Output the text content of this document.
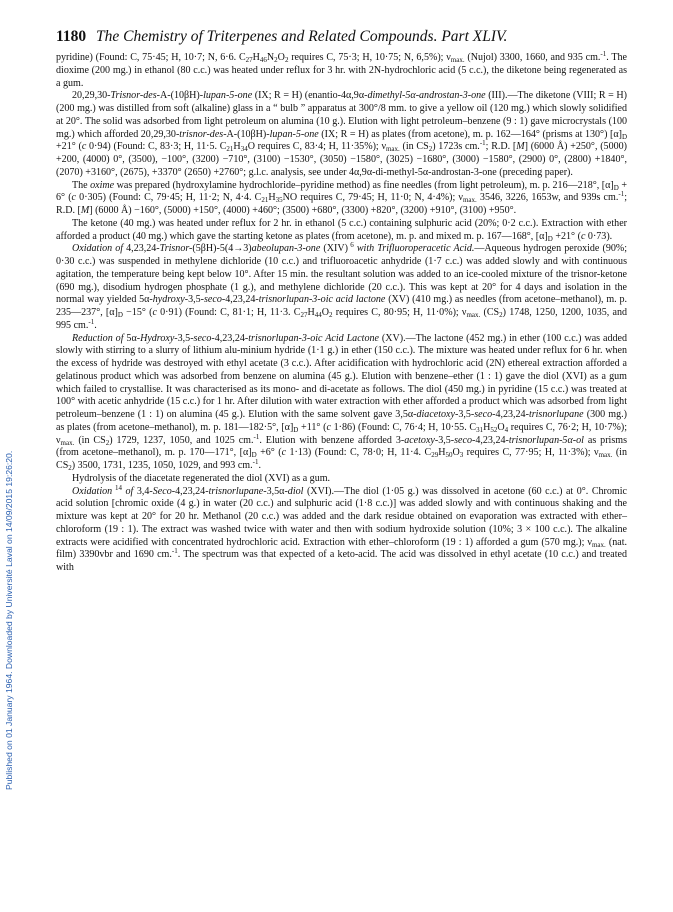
Published on 01 January 1964. Downloaded by Université Laval on 14/09/2015 19:26:20.
1180 The Chemistry of Triterpenes and Related Compounds. Part XLIV.

pyridine) (Found: C, 75·45; H, 10·7; N, 6·6. $C_{27}H_{46}N_2O_2$ requires C, 75·3; H, 10·75; N, 6,5%); $\nu_{max.}$ (Nujol) 3300, 1660, and 935 cm.$^{-1}$. The dioxime (200 mg.) in ethanol (80 c.c.) was heated under reflux for 3 hr. with 2N-hydrochloric acid (5 c.c.), the diketone being regenerated as a gum.

20,29,30-Trisnor-des-A-(10βH)-lupan-5-one (IX; R = H) (enantio-4α,9α-dimethyl-5α-androstan-3-one (III).—The diketone (VIII; R = H) (200 mg.) was distilled from soft (alkaline) glass in a “ bulb ” apparatus at 300°/8 mm. to give a yellow oil (120 mg.) which slowly solidified at 20°. The solid was adsorbed from light petroleum on alumina (10 g.). Elution with light petroleum–benzene (9 : 1) gave microcrystals (100 mg.) which afforded 20,29,30-trisnor-des-A-(10βH)-lupan-5-one (IX; R = H) as plates (from acetone), m. p. 162—164° (prisms at 130°) $[\alpha]_D +21^\circ$ (c 0·94) (Found: C, 83·3; H, 11·5. $C_{21}H_{34}O$ requires C, 83·4; H, 11·35%); $\nu_{max.}$ (in $CS_2$) 1723s cm.$^{-1}$; R.D. [M] (6000 Å) +250°, (5000) +200, (4000) 0°, (3500), −100°, (3200) −710°, (3100) −1530°, (3050) −1580°, (3025) −1680°, (3000) −1580°, (2900) 0°, (2800) +1840°, (2070) +3160°, (2675), +3370° (2650) +2760°; g.l.c. analysis, see under 4α,9α-di-methyl-5α-androstan-3-one (preceding paper).

The oxime was prepared (hydroxylamine hydrochloride–pyridine method) as fine needles (from light petroleum), m. p. 216—218°, $[\alpha]_D + 6^\circ$ (c 0·305) (Found: C, 79·45; H, 11·2; N, 4·4. $C_{21}H_{35}NO$ requires C, 79·45; H, 11·0; N, 4·4%); $\nu_{max.}$ 3546, 3226, 1653w, and 939s cm.$^{-1}$; R.D. [M] (6000 Å) −160°, (5000) +150°, (4000) +460°; (3500) +680°, (3300) +820°, (3200) +910°, (3100) +950°.

The ketone (40 mg.) was heated under reflux for 2 hr. in ethanol (5 c.c.) containing sulphuric acid (20%; 0·2 c.c.). Extraction with ether afforded a product (40 mg.) which gave the starting ketone as plates (from acetone), m. p. and mixed m. p. 167—168°, $[\alpha]_D +21^\circ$ (c 0·73).

Oxidation of 4,23,24-Trisnor-(5βH)-5(4→3)abeolupan-3-one (XIV) $^6$ with Trifluoroperacetic Acid.—Aqueous hydrogen peroxide (90%; 0·30 c.c.) was suspended in methylene dichloride (10 c.c.) and trifluoroacetic anhydride (1·7 c.c.) was added slowly and with continuous agitation, the temperature being kept below 10°. After 15 min. the resultant solution was added to an ice-cooled mixture of the trisnor-ketone (690 mg.), disodium hydrogen phosphate (1 g.), and methylene dichloride (20 c.c.). This was kept at 20° for 4 days and isolation in the normal way yielded 5α-hydroxy-3,5-seco-4,23,24-trisnorlupan-3-oic acid lactone (XV) (410 mg.) as needles (from acetone–methanol), m. p. 235—237°, $[\alpha]_D -15^\circ$ (c 0·91) (Found: C, 81·1; H, 11·3. $C_{27}H_{44}O_2$ requires C, 80·95; H, 11·0%); $\nu_{max.}$ $(CS_2)$ 1748, 1250, 1200, 1035, and 995 cm.$^{-1}$.

Reduction of 5α-Hydroxy-3,5-seco-4,23,24-trisnorlupan-3-oic Acid Lactone (XV).—The lactone (452 mg.) in ether (100 c.c.) was added slowly with stirring to a slurry of lithium alu-minium hydride (1·1 g.) in ether (150 c.c.). The mixture was heated under reflux for 6 hr. when the excess of hydride was destroyed with ethyl acetate (3 c.c.). After acidification with hydrochloric acid (2N) ethereal extraction afforded a gelatinous product which was adsorbed from benzene on alumina (45 g.). Elution with benzene–ether (1 : 1) gave the diol (XVI) as a gum which failed to crystallise. It was characterised as its mono- and di-acetate as follows. The diol (450 mg.) in pyridine (15 c.c.) was treated at 100° with acetic anhydride (15 c.c.) for 1 hr. After dilution with water extraction with ether afforded a product which was adsorbed from light petroleum–benzene (1 : 1) on alumina (45 g.). Elution with the same solvent gave 3,5α-diacetoxy-3,5-seco-4,23,24-trisnorlupane (300 mg.) as plates (from acetone–methanol), m. p. 181—182·5°, $[\alpha]_D +11^\circ$ (c 1·86) (Found: C, 76·4; H, 10·55. $C_{31}H_{52}O_4$ requires C, 76·2; H, 10·7%); $\nu_{max.}$ (in $CS_2$) 1729, 1237, 1050, and 1025 cm.$^{-1}$. Elution with benzene afforded 3-acetoxy-3,5-seco-4,23,24-trisnorlupan-5α-ol as prisms (from acetone–methanol), m. p. 170—171°, $[\alpha]_D +6^\circ$ (c 1·13) (Found: C, 78·0; H, 11·4. $C_{29}H_{50}O_3$ requires C, 77·95; H, 11·3%); $\nu_{max.}$ (in $CS_2$) 3500, 1731, 1235, 1050, 1029, and 993 cm.$^{-1}$.

Hydrolysis of the diacetate regenerated the diol (XVI) as a gum.

Oxidation $^{14}$ of 3,4-Seco-4,23,24-trisnorlupane-3,5α-diol (XVI).—The diol (1·05 g.) was dissolved in acetone (60 c.c.) at 0°. Chromic acid solution [chromic oxide (4 g.) in water (20 c.c.) and sulphuric acid (1·8 c.c.)] was added slowly and with continuous shaking and the mixture was kept at 20° for 20 hr. Methanol (20 c.c.) was added and the dark residue obtained on evaporation was extracted with ether–chloroform (19 : 1). The extract was washed twice with water and then with sodium hydroxide solution (10%; 3 × 100 c.c.). The alkaline extracts were acidified with concentrated hydrochloric acid. Extraction with ether–chloroform (19 : 1) afforded a gum (570 mg.); $\nu_{max.}$ (nat. film) 3390vbr and 1690 cm.$^{-1}$. The spectrum was that expected of a keto-acid. The acid was dissolved in ethyl acetate (10 c.c.) and treated with
